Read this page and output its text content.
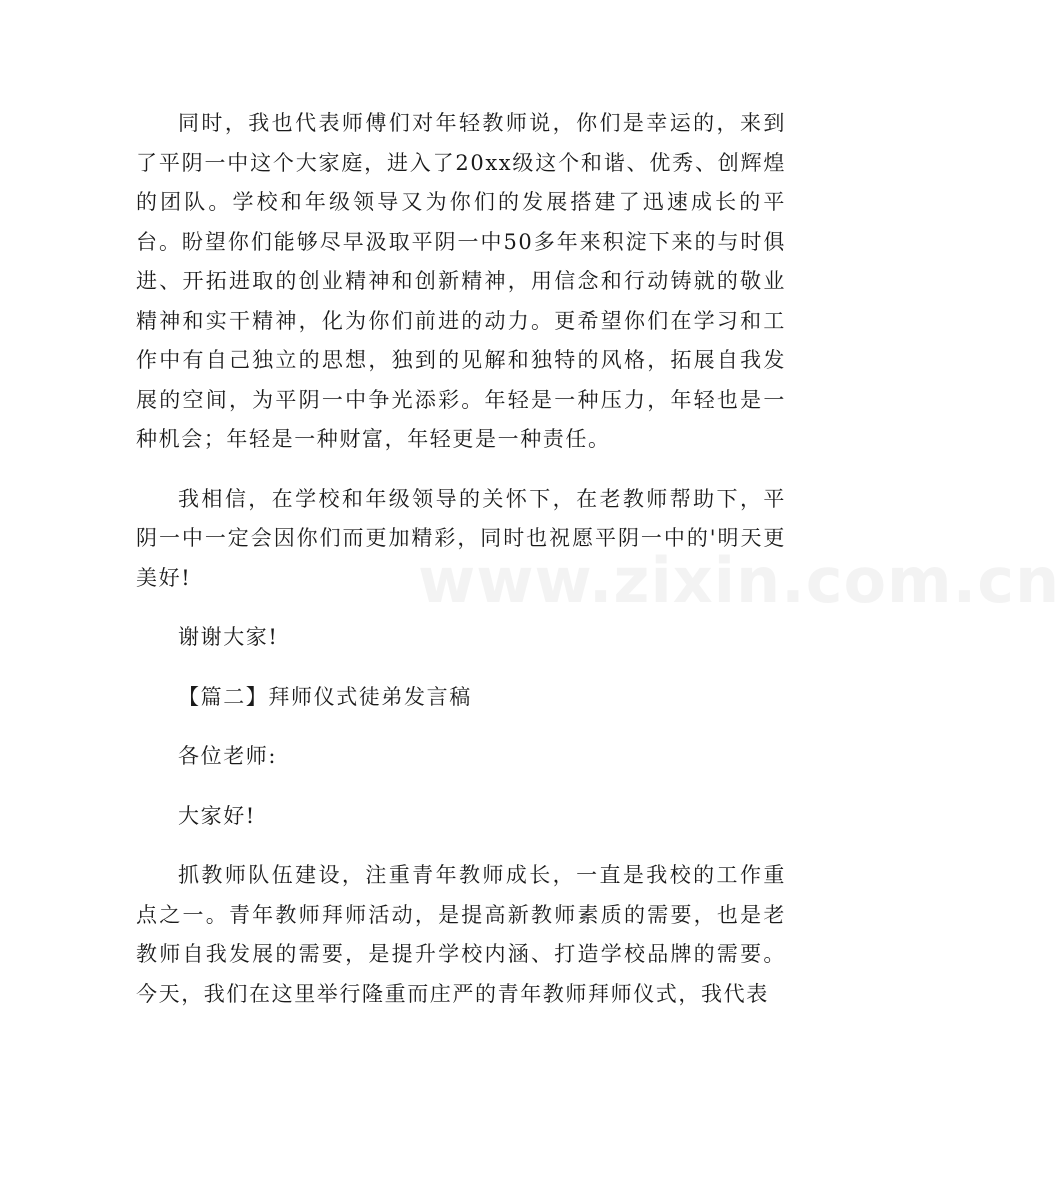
www.zixin.com.cn

同时，我也代表师傅们对年轻教师说，你们是幸运的，来到了平阴一中这个大家庭，进入了20xx级这个和谐、优秀、创辉煌的团队。学校和年级领导又为你们的发展搭建了迅速成长的平台。盼望你们能够尽早汲取平阴一中50多年来积淀下来的与时俱进、开拓进取的创业精神和创新精神，用信念和行动铸就的敬业精神和实干精神，化为你们前进的动力。更希望你们在学习和工作中有自己独立的思想，独到的见解和独特的风格，拓展自我发展的空间，为平阴一中争光添彩。年轻是一种压力，年轻也是一种机会；年轻是一种财富，年轻更是一种责任。

我相信，在学校和年级领导的关怀下，在老教师帮助下，平阴一中一定会因你们而更加精彩，同时也祝愿平阴一中的'明天更美好!

谢谢大家!

【篇二】拜师仪式徒弟发言稿

各位老师:

大家好!

抓教师队伍建设，注重青年教师成长，一直是我校的工作重点之一。青年教师拜师活动，是提高新教师素质的需要，也是老教师自我发展的需要，是提升学校内涵、打造学校品牌的需要。今天，我们在这里举行隆重而庄严的青年教师拜师仪式，我代表
